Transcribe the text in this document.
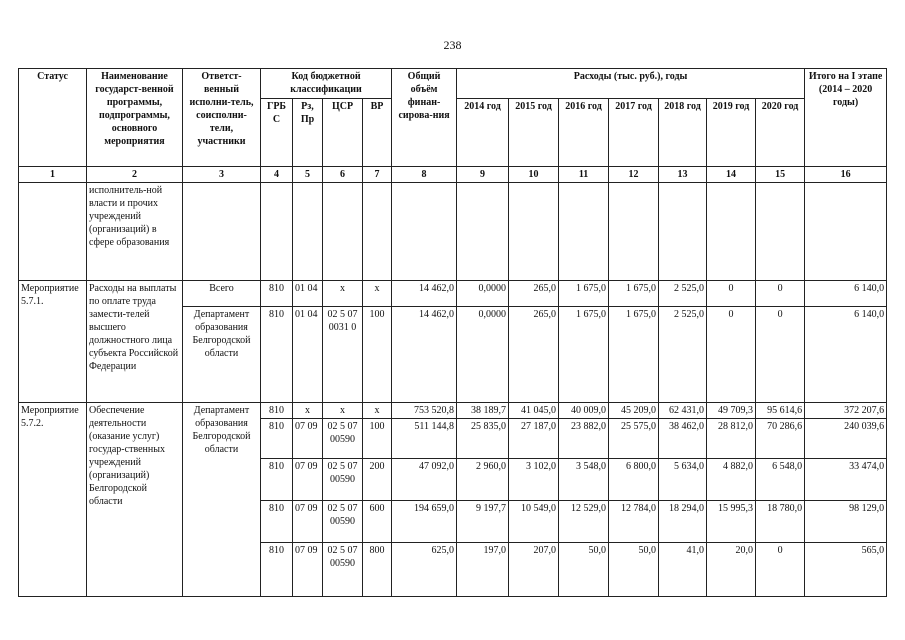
238
Статус	Наименование государст-венной программы, подпрограммы, основного мероприятия	Ответст-венный исполни-тель, соисполни-тели, участники	Код бюджетной классификации				Общий объём финан-сирова-ния	Расходы (тыс. руб.), годы							Итого на I этапе (2014 – 2020 годы)
			ГРБ С	Рз, Пр	ЦСР	ВР		2014 год	2015 год	2016 год	2017 год	2018 год	2019 год	2020 год	
1	2	3	4	5	6	7	8	9	10	11	12	13	14	15	16
	исполнитель-ной власти и прочих учреждений (организаций) в сфере образования														
Мероприятие 5.7.1.	Расходы на выплаты по оплате труда замести-телей высшего должностного лица субъекта Российской Федерации	Всего	810	01 04	x	x	14 462,0	0,0000	265,0	1 675,0	1 675,0	2 525,0	0	0	6 140,0
		Департамент образования Белгородской области	810	01 04	02 5 07 0031 0	100	14 462,0	0,0000	265,0	1 675,0	1 675,0	2 525,0	0	0	6 140,0
Мероприятие 5.7.2.	Обеспечение деятельности (оказание услуг) государ-ственных учреждений (организаций) Белгородской области	Департамент образования Белгородской области	810	x	x	x	753 520,8	38 189,7	41 045,0	40 009,0	45 209,0	62 431,0	49 709,3	95 614,6	372 207,6
			810	07 09	02 5 07 00590	100	511 144,8	25 835,0	27 187,0	23 882,0	25 575,0	38 462,0	28 812,0	70 286,6	240 039,6
			810	07 09	02 5 07 00590	200	47 092,0	2 960,0	3 102,0	3 548,0	6 800,0	5 634,0	4 882,0	6 548,0	33 474,0
			810	07 09	02 5 07 00590	600	194 659,0	9 197,7	10 549,0	12 529,0	12 784,0	18 294,0	15 995,3	18 780,0	98 129,0
			810	07 09	02 5 07 00590	800	625,0	197,0	207,0	50,0	50,0	41,0	20,0	0	565,0
